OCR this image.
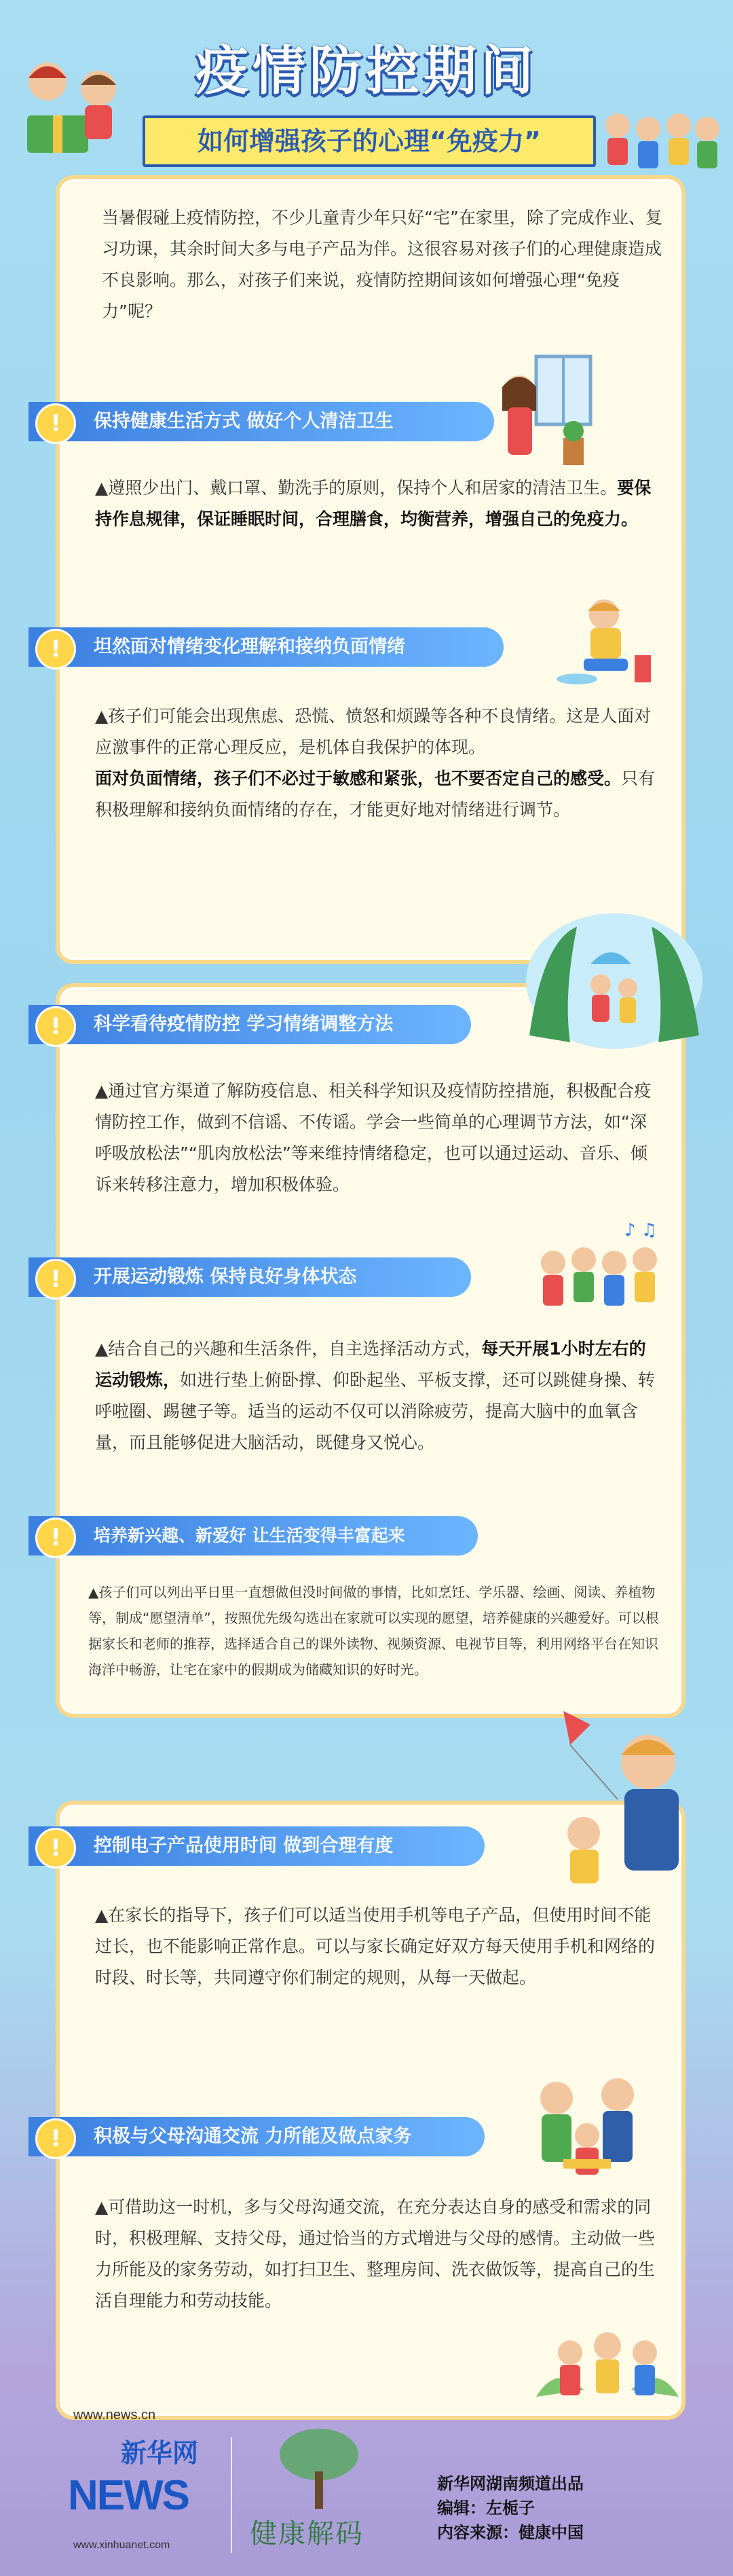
疫情防控期间
如何增强孩子的心理“免疫力”
当暑假碰上疫情防控，不少儿童青少年只好“宅”在家里，除了完成作业、复习功课，其余时间大多与电子产品为伴。这很容易对孩子们的心理健康造成不良影响。那么，对孩子们来说，疫情防控期间该如何增强心理“免疫力”呢？
!	保持健康生活方式 做好个人清洁卫生
▲遵照少出门、戴口罩、勤洗手的原则，保持个人和居家的清洁卫生。要保持作息规律，保证睡眠时间，合理膳食，均衡营养，增强自己的免疫力。
!	坦然面对情绪变化理解和接纳负面情绪
▲孩子们可能会出现焦虑、恐慌、愤怒和烦躁等各种不良情绪。这是人面对应激事件的正常心理反应，是机体自我保护的体现。
面对负面情绪，孩子们不必过于敏感和紧张，也不要否定自己的感受。只有积极理解和接纳负面情绪的存在，才能更好地对情绪进行调节。
!	科学看待疫情防控 学习情绪调整方法
▲通过官方渠道了解防疫信息、相关科学知识及疫情防控措施，积极配合疫情防控工作，做到不信谣、不传谣。学会一些简单的心理调节方法，如“深呼吸放松法”“肌肉放松法”等来维持情绪稳定，也可以通过运动、音乐、倾诉来转移注意力，增加积极体验。
!	开展运动锻炼 保持良好身体状态
♪ ♫
▲结合自己的兴趣和生活条件，自主选择活动方式，每天开展1小时左右的运动锻炼，如进行垫上俯卧撑、仰卧起坐、平板支撑，还可以跳健身操、转呼啦圈、踢毽子等。适当的运动不仅可以消除疲劳，提高大脑中的血氧含量，而且能够促进大脑活动，既健身又悦心。
!	培养新兴趣、新爱好 让生活变得丰富起来
▲孩子们可以列出平日里一直想做但没时间做的事情，比如烹饪、学乐器、绘画、阅读、养植物等，制成“愿望清单”，按照优先级勾选出在家就可以实现的愿望，培养健康的兴趣爱好。可以根据家长和老师的推荐，选择适合自己的课外读物、视频资源、电视节目等，利用网络平台在知识海洋中畅游，让宅在家中的假期成为储藏知识的好时光。
!	控制电子产品使用时间 做到合理有度
▲在家长的指导下，孩子们可以适当使用手机等电子产品，但使用时间不能过长，也不能影响正常作息。可以与家长确定好双方每天使用手机和网络的时段、时长等，共同遵守你们制定的规则，从每一天做起。
!	积极与父母沟通交流 力所能及做点家务
▲可借助这一时机，多与父母沟通交流，在充分表达自身的感受和需求的同时，积极理解、支持父母，通过恰当的方式增进与父母的感情。主动做一些力所能及的家务劳动，如打扫卫生、整理房间、洗衣做饭等，提高自己的生活自理能力和劳动技能。
www.news.cn
NEWS
新华网
www.xinhuanet.com	健康解码
新华网湖南频道出品
编辑：左栀子
内容来源：健康中国
